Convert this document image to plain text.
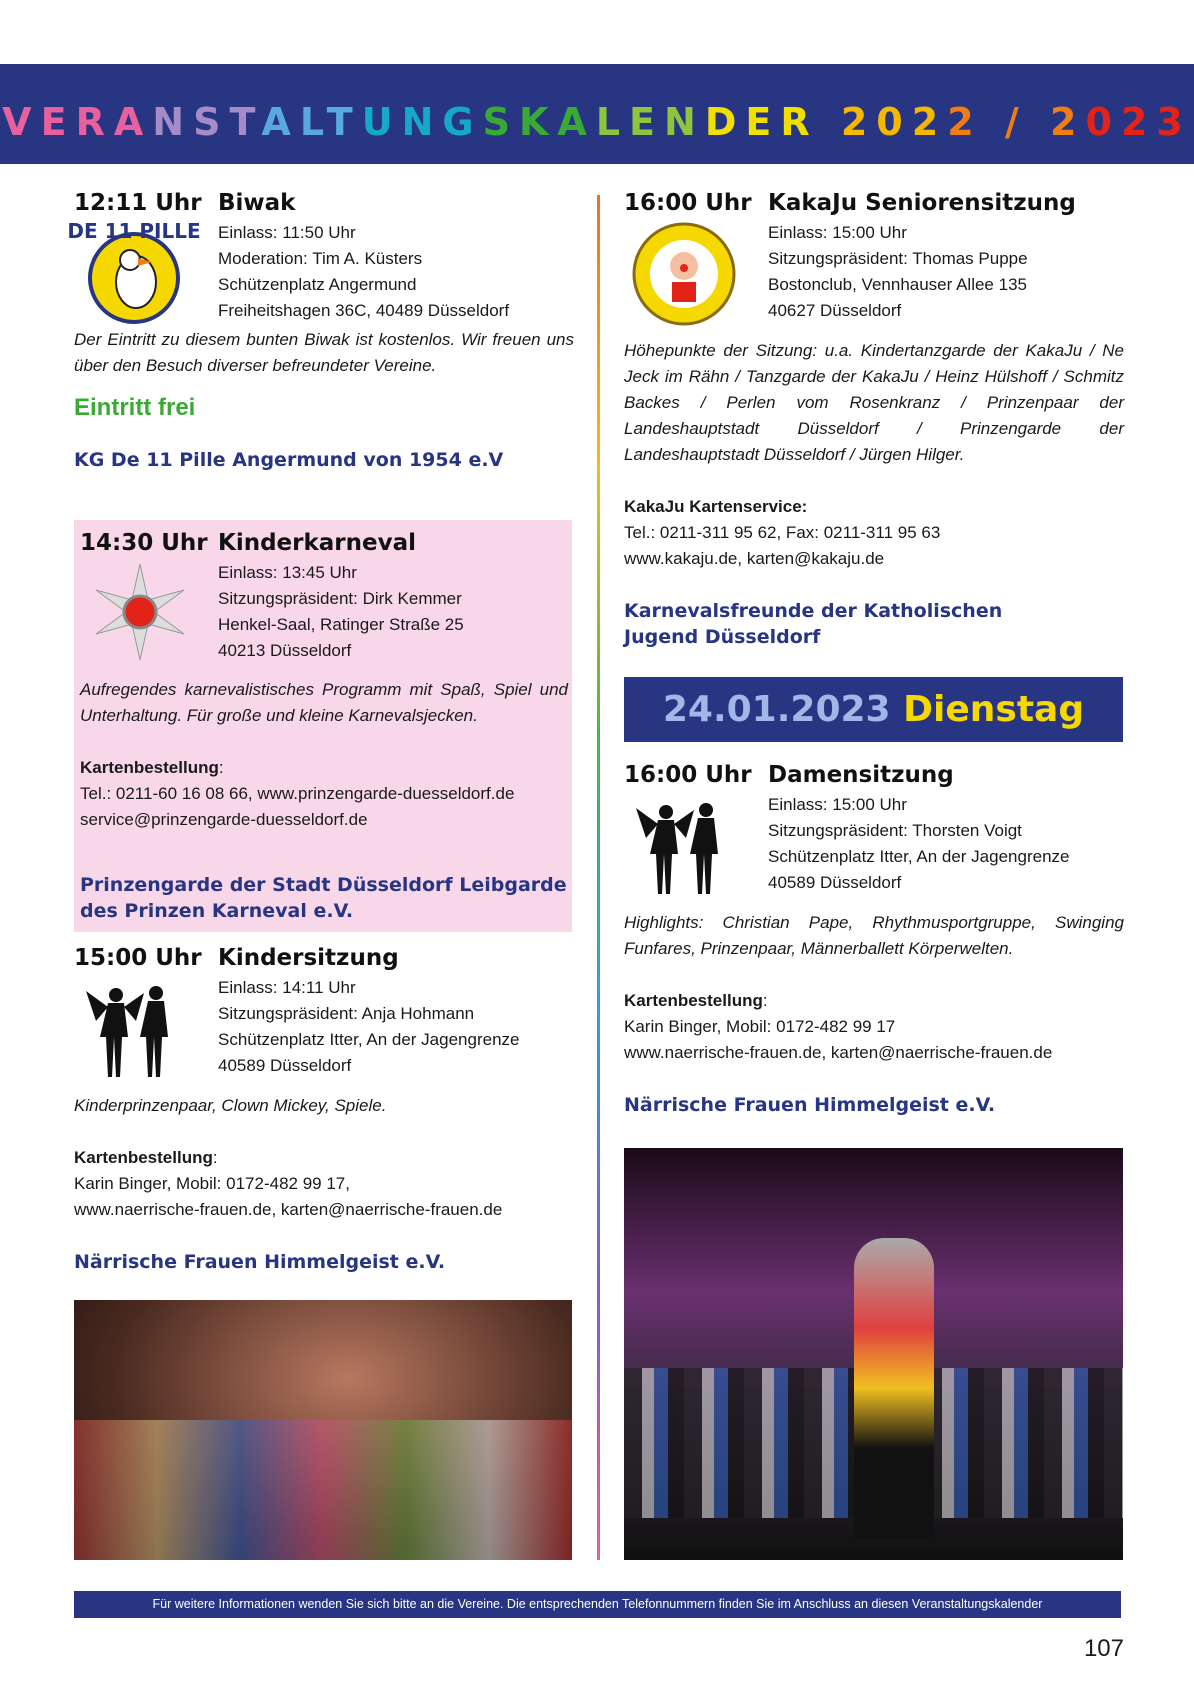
VERANSTALTUNGSKALENDER 2022 / 2023
12:11 Uhr Biwak
Einlass: 11:50 Uhr
Moderation: Tim A. Küsters
Schützenplatz Angermund
Freiheitshagen 36C, 40489 Düsseldorf
DE 11 PILLE
Der Eintritt zu diesem bunten Biwak ist kostenlos. Wir freuen uns über den Besuch diverser befreundeter Vereine.
Eintritt frei
KG De 11 Pille Angermund von 1954 e.V
14:30 Uhr Kinderkarneval
Einlass: 13:45 Uhr
Sitzungspräsident: Dirk Kemmer
Henkel-Saal, Ratinger Straße 25
40213 Düsseldorf
Aufregendes karnevalistisches Programm mit Spaß, Spiel und Unterhaltung. Für große und kleine Karnevalsjecken.
Kartenbestellung:
Tel.: 0211-60 16 08 66, www.prinzengarde-duesseldorf.de
service@prinzengarde-duesseldorf.de
Prinzengarde der Stadt Düsseldorf Leibgarde des Prinzen Karneval e.V.
15:00 Uhr Kindersitzung
Einlass: 14:11 Uhr
Sitzungspräsident: Anja Hohmann
Schützenplatz Itter, An der Jagengrenze
40589 Düsseldorf
Kinderprinzenpaar, Clown Mickey, Spiele.
Kartenbestellung:
Karin Binger, Mobil: 0172-482 99 17,
www.naerrische-frauen.de, karten@naerrische-frauen.de
Närrische Frauen Himmelgeist e.V.
16:00 Uhr KakaJu Seniorensitzung
Einlass: 15:00 Uhr
Sitzungspräsident: Thomas Puppe
Bostonclub, Vennhauser Allee 135
40627 Düsseldorf
Höhepunkte der Sitzung: u.a. Kindertanzgarde der KakaJu / Ne Jeck im Rähn / Tanzgarde der KakaJu / Heinz Hülshoff / Schmitz Backes / Perlen vom Rosenkranz / Prinzenpaar der Landeshauptstadt Düsseldorf / Prinzengarde der Landeshauptstadt Düsseldorf / Jürgen Hilger.
KakaJu Kartenservice:
Tel.: 0211-311 95 62, Fax: 0211-311 95 63
www.kakaju.de, karten@kakaju.de
Karnevalsfreunde der Katholischen
Jugend Düsseldorf
16:00 Uhr Damensitzung
Einlass: 15:00 Uhr
Sitzungspräsident: Thorsten Voigt
Schützenplatz Itter, An der Jagengrenze
40589 Düsseldorf
Highlights: Christian Pape, Rhythmusportgruppe, Swinging Funfares, Prinzenpaar, Männerballett Körperwelten.
Kartenbestellung:
Karin Binger, Mobil: 0172-482 99 17
www.naerrische-frauen.de, karten@naerrische-frauen.de
Närrische Frauen Himmelgeist e.V.
24.01.2023 Dienstag
Für weitere Informationen wenden Sie sich bitte an die Vereine. Die entsprechenden Telefonnummern finden Sie im Anschluss an diesen Veranstaltungskalender
107
